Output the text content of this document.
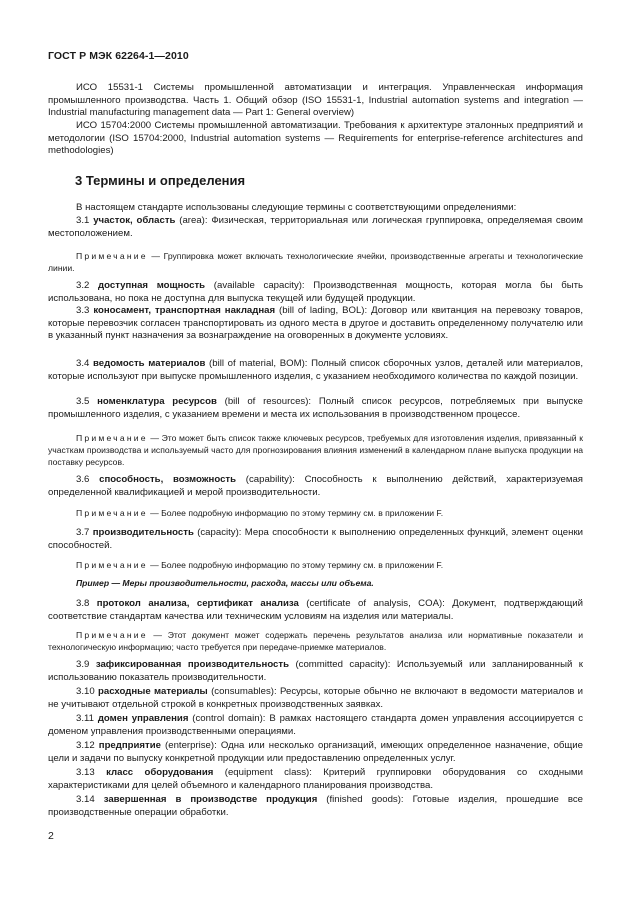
ГОСТ Р МЭК 62264-1—2010

ИСО 15531-1 Системы промышленной автоматизации и интеграция. Управленческая информация промышленного производства. Часть 1. Общий обзор (ISO 15531-1, Industrial automation systems and integration — Industrial manufacturing management data — Part 1: General overview)

ИСО 15704:2000 Системы промышленной автоматизации. Требования к архитектуре эталонных предприятий и методологии (ISO 15704:2000, Industrial automation systems — Requirements for enterprise-reference architectures and methodologies)

3 Термины и определения

В настоящем стандарте использованы следующие термины с соответствующими определениями:

3.1 участок, область (area): Физическая, территориальная или логическая группировка, определяемая своим местоположением.

Примечание — Группировка может включать технологические ячейки, производственные агрегаты и технологические линии.

3.2 доступная мощность (available capacity): Производственная мощность, которая могла бы быть использована, но пока не доступна для выпуска текущей или будущей продукции.

3.3 коносамент, транспортная накладная (bill of lading, BOL): Договор или квитанция на перевозку товаров, которые перевозчик согласен транспортировать из одного места в другое и доставить определенному получателю или в указанный пункт назначения за вознаграждение на оговоренных в документе условиях.

3.4 ведомость материалов (bill of material, BOM): Полный список сборочных узлов, деталей или материалов, которые используют при выпуске промышленного изделия, с указанием необходимого количества по каждой позиции.

3.5 номенклатура ресурсов (bill of resources): Полный список ресурсов, потребляемых при выпуске промышленного изделия, с указанием времени и места их использования в производственном процессе.

Примечание — Это может быть список также ключевых ресурсов, требуемых для изготовления изделия, привязанный к участкам производства и используемый часто для прогнозирования влияния изменений в календарном плане выпуска продукции на поставку ресурсов.

3.6 способность, возможность (capability): Способность к выполнению действий, характеризуемая определенной квалификацией и мерой производительности.

Примечание — Более подробную информацию по этому термину см. в приложении F.

3.7 производительность (capacity): Мера способности к выполнению определенных функций, элемент оценки способностей.

Примечание — Более подробную информацию по этому термину см. в приложении F.

Пример — Меры производительности, расхода, массы или объема.

3.8 протокол анализа, сертификат анализа (certificate of analysis, COA): Документ, подтверждающий соответствие стандартам качества или техническим условиям на изделия или материалы.

Примечание — Этот документ может содержать перечень результатов анализа или нормативные показатели и технологическую информацию; часто требуется при передаче-приемке материалов.

3.9 зафиксированная производительность (committed capacity): Используемый или запланированный к использованию показатель производительности.

3.10 расходные материалы (consumables): Ресурсы, которые обычно не включают в ведомости материалов и не учитывают отдельной строкой в конкретных производственных заявках.

3.11 домен управления (control domain): В рамках настоящего стандарта домен управления ассоциируется с доменом управления производственными операциями.

3.12 предприятие (enterprise): Одна или несколько организаций, имеющих определенное назначение, общие цели и задачи по выпуску конкретной продукции или предоставлению определенных услуг.

3.13 класс оборудования (equipment class): Критерий группировки оборудования со сходными характеристиками для целей объемного и календарного планирования производства.

3.14 завершенная в производстве продукция (finished goods): Готовые изделия, прошедшие все производственные операции обработки.

2
